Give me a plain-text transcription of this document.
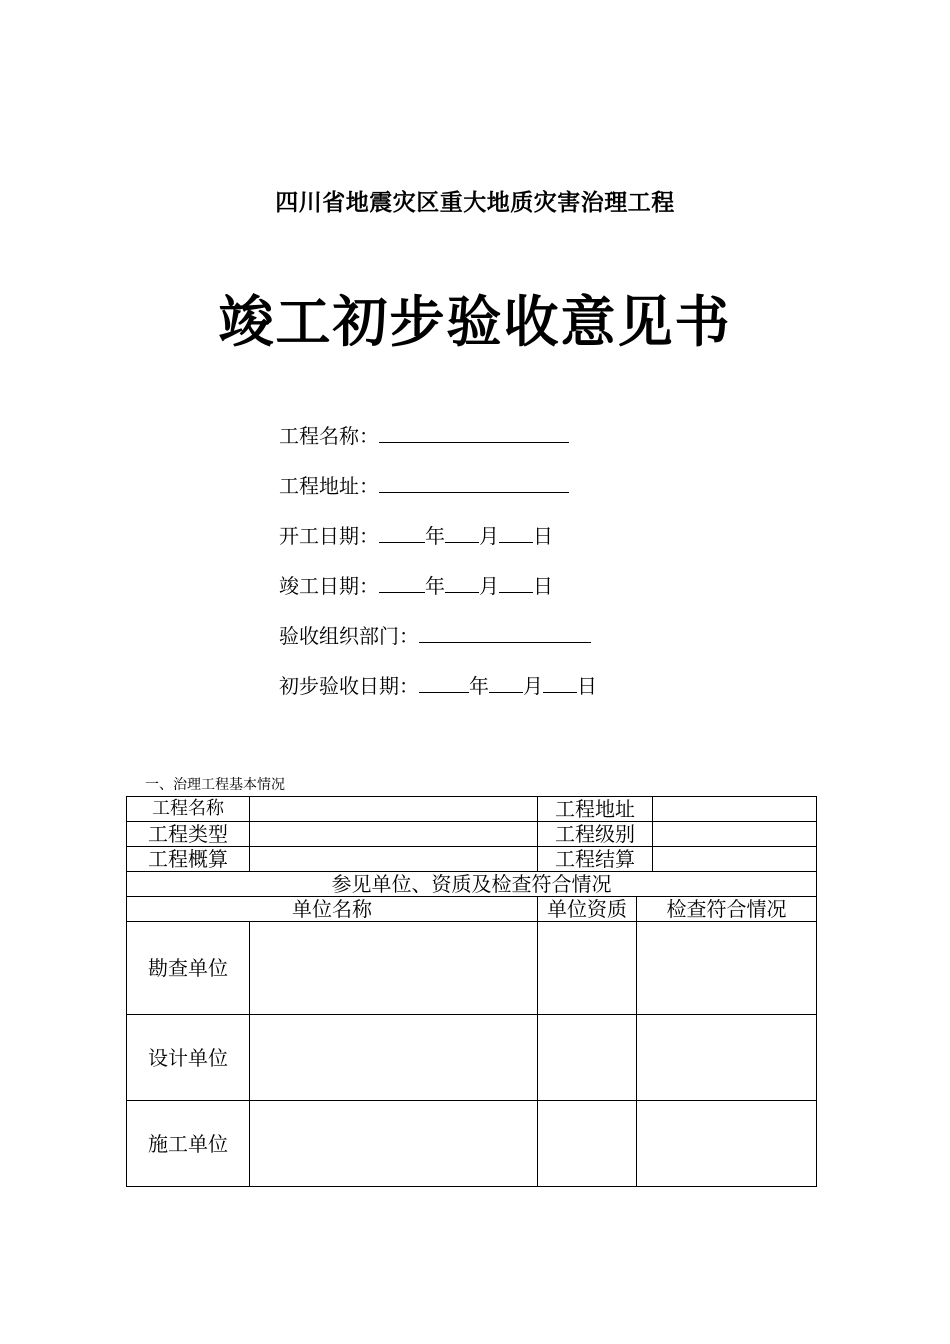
四川省地震灾区重大地质灾害治理工程
竣工初步验收意见书
工程名称：
工程地址：
开工日期： 年 月 日
竣工日期： 年 月 日
验收组织部门：
初步验收日期：	年 月 日
一、治理工程基本情况
工程名称		工程地址		
工程类型		工程级别		
工程概算		工程结算		
参见单位、资质及检查符合情况				
单位名称		单位资质	检查符合情况	
勘查单位				
设计单位				
施工单位				
